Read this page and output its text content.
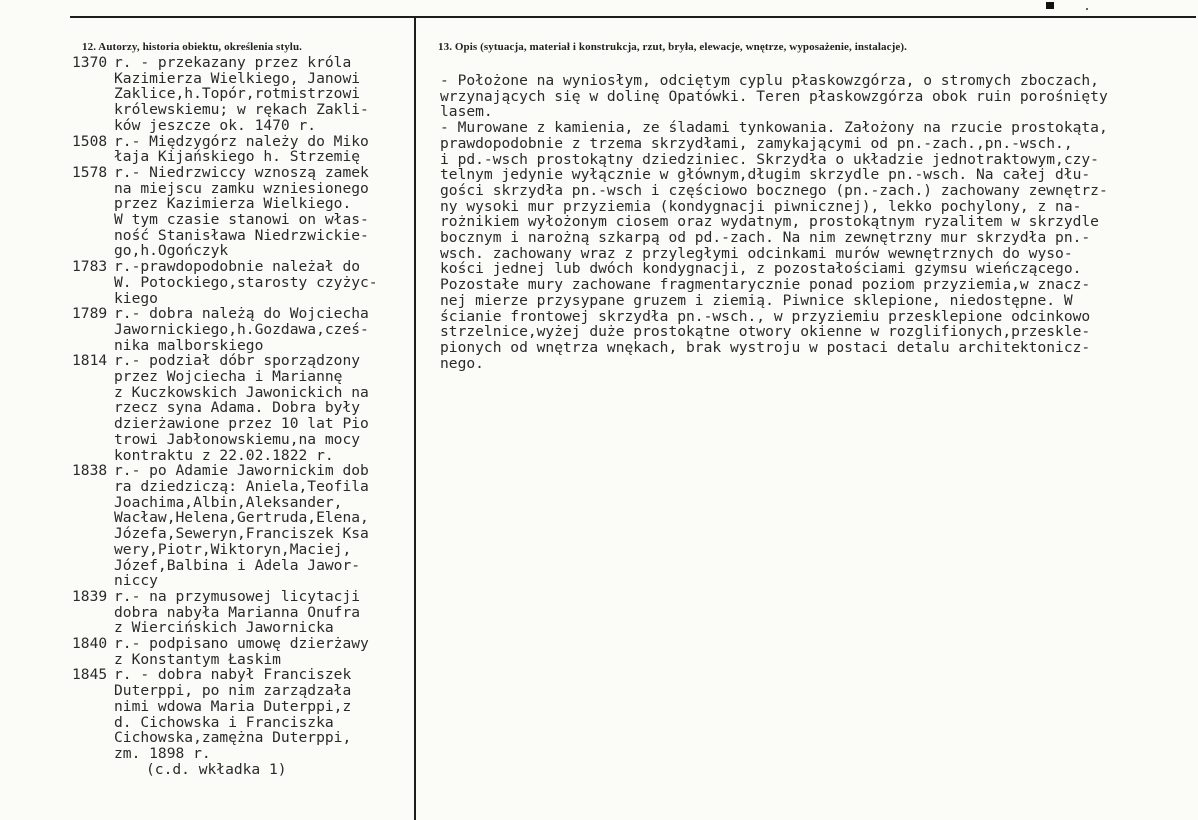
12. Autorzy, historia obiektu, określenia stylu.	13. Opis (sytuacja, materiał i konstrukcja, rzut, bryła, elewacje, wnętrze, wyposażenie, instalacje).
1370 r. - przekazany przez króla
Kazimierza Wielkiego, Janowi
Zaklice,h.Topór,rotmistrzowi
królewskiemu; w rękach Zakli-
ków jeszcze ok. 1470 r.
1508 r.- Międzygórz należy do Miko
łaja Kijańskiego h. Strzemię
1578 r.- Niedrzwiccy wznoszą zamek
na miejscu zamku wzniesionego
przez Kazimierza Wielkiego.
W tym czasie stanowi on włas-
ność Stanisława Niedrzwickie-
go,h.Ogończyk
1783 r.-prawdopodobnie należał do
W. Potockiego,starosty czyżyc-
kiego
1789 r.- dobra należą do Wojciecha
Jawornickiego,h.Gozdawa,cześ-
nika malborskiego
1814 r.- podział dóbr sporządzony
przez Wojciecha i Mariannę
z Kuczkowskich Jawonickich na
rzecz syna Adama. Dobra były
dzierżawione przez 10 lat Pio
trowi Jabłonowskiemu,na mocy
kontraktu z 22.02.1822 r.
1838 r.- po Adamie Jawornickim dob
ra dziedziczą: Aniela,Teofila
Joachima,Albin,Aleksander,
Wacław,Helena,Gertruda,Elena,
Józefa,Seweryn,Franciszek Ksa
wery,Piotr,Wiktoryn,Maciej,
Józef,Balbina i Adela Jawor-
niccy
1839 r.- na przymusowej licytacji
dobra nabyła Marianna Onufra
z Wiercińskich Jawornicka
1840 r.- podpisano umowę dzierżawy
z Konstantym Łaskim
1845 r. - dobra nabył Franciszek
Duterppi, po nim zarządzała
nimi wdowa Maria Duterppi,z
d. Cichowska i Franciszka
Cichowska,zamężna Duterppi,
zm. 1898 r.
(c.d. wkładka 1)
- Położone na wyniosłym, odciętym cyplu płaskowzgórza, o stromych zboczach,
wrzynających się w dolinę Opatówki. Teren płaskowzgórza obok ruin porośnięty
lasem.
- Murowane z kamienia, ze śladami tynkowania. Założony na rzucie prostokąta,
prawdopodobnie z trzema skrzydłami, zamykającymi od pn.-zach.,pn.-wsch.,
i pd.-wsch prostokątny dziedziniec. Skrzydła o układzie jednotraktowym,czy-
telnym jedynie wyłącznie w głównym,długim skrzydle pn.-wsch. Na całej dłu-
gości skrzydła pn.-wsch i częściowo bocznego (pn.-zach.) zachowany zewnętrz-
ny wysoki mur przyziemia (kondygnacji piwnicznej), lekko pochylony, z na-
rożnikiem wyłożonym ciosem oraz wydatnym, prostokątnym ryzalitem w skrzydle
bocznym i narożną szkarpą od pd.-zach. Na nim zewnętrzny mur skrzydła pn.-
wsch. zachowany wraz z przyległymi odcinkami murów wewnętrznych do wyso-
kości jednej lub dwóch kondygnacji, z pozostałościami gzymsu wieńczącego.
Pozostałe mury zachowane fragmentarycznie ponad poziom przyziemia,w znacz-
nej mierze przysypane gruzem i ziemią. Piwnice sklepione, niedostępne. W
ścianie frontowej skrzydła pn.-wsch., w przyziemiu przesklepione odcinkowo
strzelnice,wyżej duże prostokątne otwory okienne w rozglifionych,przeskle-
pionych od wnętrza wnękach, brak wystroju w postaci detalu architektonicz-
nego.
